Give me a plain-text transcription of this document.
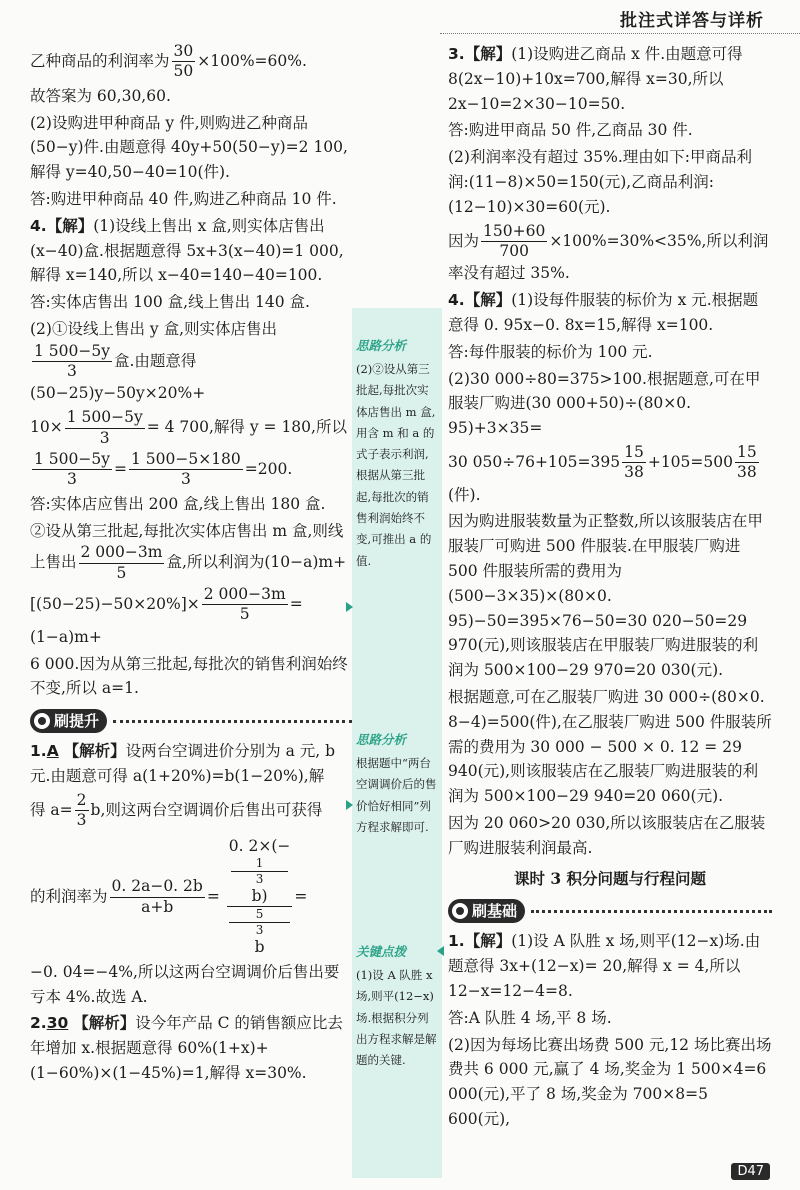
批注式详答与详析

乙种商品的利润率为 $\frac{30}{50} \times 100\%=60\%$.

故答案为 60,30,60.

(2)设购进甲种商品 y 件,则购进乙种商品(50−y)件.由题意得 40y+50(50−y)=2 100,解得 y=40,50−40=10(件).

答:购进甲种商品 40 件,购进乙种商品 10 件.

4.【解】(1)设线上售出 x 盒,则实体店售出(x−40)盒.根据题意得 5x+3(x−40)=1 000,解得 x=140,所以 x−40=140−40=100.

答:实体店售出 100 盒,线上售出 140 盒.

(2)①设线上售出 y 盒,则实体店售出

$\frac{1 500-5y}{3}$ 盒.由题意得(50−25)y−50y×20%+

$10\times \frac{1 500-5y}{3} = 4$ 700,解得 y = 180,所以

$\frac{1 500-5y}{3} = \frac{1 500-5\times 180}{3} =200$.

答:实体店应售出 200 盒,线上售出 180 盒.

②设从第三批起,每批次实体店售出 m 盒,则线上售出 $\frac{2 000-3m}{5}$ 盒,所以利润为(10−a)m+

$[(50-25)-50\times 20\%]\times \frac{2 000-3m}{5} =(1-a)m+$

6 000.因为从第三批起,每批次的销售利润始终不变,所以 a=1.

刷提升

1.A 【解析】设两台空调进价分别为 a 元, b 元.由题意可得 a(1+20%)=b(1−20%),解

得 $a= \frac{2}{3} b$,则这两台空调调价后售出可获得

的利润率为 $\frac{0. 2a-0. 2b}{a+b} = 0$. 2×(−
1
3
b)
5
3
b =

−0. 04=−4%,所以这两台空调调价后售出要亏本 4%.故选 A.

2.30 【解析】设今年产品 C 的销售额应比去年增加 x.根据题意得 60%(1+x)+(1−60%)×(1−45%)=1,解得 x=30%.

思路分析
(2)②设从第三批起,每批次实体店售出 m 盒,用含 m 和 a 的式子表示利润,根据从第三批起,每批次的销售利润始终不变,可推出 a 的值.
思路分析
根据题中“两台空调调价后的售价恰好相同”列方程求解即可.
关键点拨
(1)设 A 队胜 x 场,则平(12−x)场.根据积分列出方程求解是解题的关键.

3.【解】(1)设购进乙商品 x 件.由题意可得 8(2x−10)+10x=700,解得 x=30,所以 2x−10=2×30−10=50.

答:购进甲商品 50 件,乙商品 30 件.

(2)利润率没有超过 35%.理由如下:甲商品利润:(11−8)×50=150(元),乙商品利润:(12−10)×30=60(元).

因为 $\frac{150+60}{700} \times 100\%=30\%<35\%$,所以利润率没有超过 35%.

4.【解】(1)设每件服装的标价为 x 元.根据题意得 0. 95x−0. 8x=15,解得 x=100.

答:每件服装的标价为 100 元.

(2)30 000÷80=375>100.根据题意,可在甲服装厂购进(30 000+50)÷(80×0. 95)+3×35=

30 $050\div 76+105=395 \frac{15}{38} +105=500 \frac{15}{38}$
(件).

因为购进服装数量为正整数,所以该服装店在甲服装厂可购进 500 件服装.在甲服装厂购进 500 件服装所需的费用为(500−3×35)×(80×0. 95)−50=395×76−50=30 020−50=29 970(元),则该服装店在甲服装厂购进服装的利润为 500×100−29 970=20 030(元).

根据题意,可在乙服装厂购进 30 000÷(80×0. 8−4)=500(件),在乙服装厂购进 500 件服装所需的费用为 30 000 − 500 × 0. 12 = 29 940(元),则该服装店在乙服装厂购进服装的利润为 500×100−29 940=20 060(元).

因为 20 060>20 030,所以该服装店在乙服装厂购进服装利润最高.

课时 3 积分问题与行程问题
刷基础

1.【解】(1)设 A 队胜 x 场,则平(12−x)场.由题意得 3x+(12−x)= 20,解得 x = 4,所以 12−x=12−4=8.

答:A 队胜 4 场,平 8 场.

(2)因为每场比赛出场费 500 元,12 场比赛出场费共 6 000 元,赢了 4 场,奖金为 1 500×4=6 000(元),平了 8 场,奖金为 700×8=5 600(元),

D47
